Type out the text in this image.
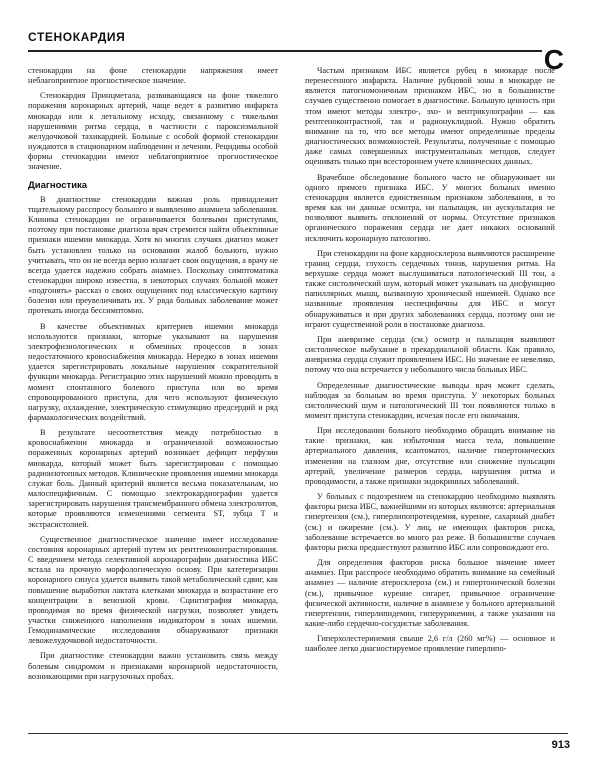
СТЕНОКАРДИЯ
С

стенокардии на фоне стенокардии напряжения имеет неблагоприятное прогностическое значение.

Стенокардия Принцметала, развивающаяся на фоне тяжелого поражения коронарных артерий, чаще ведет к развитию инфаркта миокарда или к летальному исходу, связанному с тяжелыми нарушениями ритма сердца, в частности с пароксизмальной желудочковой тахикардией. Больные с особой формой стенокардии нуждаются в стационарном наблюдении и лечении. Рецидивы особой формы стенокардии имеют неблагоприятное прогностическое значение.

Диагностика

В диагностике стенокардии важная роль принадлежит тщательному расспросу больного и выявлению анамнеза заболевания. Клиника стенокардии не ограничивается болевыми приступами, поэтому при постановке диагноза врач стремится найти объективные признаки ишемии миокарда. Хотя во многих случаях диагноз может быть установлен только на основании жалоб больного, нужно учитывать, что он не всегда верно излагает свои ощущения, а врачу не всегда удается надежно собрать анамнез. Поскольку симптоматика стенокардии широко известна, в некоторых случаях больной может «подгонять» рассказ о своих ощущениях под классическую картину болезни или преувеличивать их. У ряда больных заболевание может протекать иногда бессимптомно.

В качестве объективных критериев ишемии миокарда используются признаки, которые указывают на нарушения электрофизиологических и обменных процессов в зонах недостаточного кровоснабжения миокарда. Нередко в зонах ишемии удается зарегистрировать локальные нарушения сократительной функции миокарда. Регистрацию этих нарушений можно проводить в момент спонтанного болевого приступа или во время спровоцированного приступа, для чего используют физическую нагрузку, охлаждение, электрическую стимуляцию предсердий и ряд фармакологических воздействий.

В результате несоответствия между потребностью в кровоснабжении миокарда и ограниченной возможностью пораженных коронарных артерий возникает дефицит перфузии миокарда, который может быть зарегистрирован с помощью радиоизотопных методов. Клинические проявления ишемии миокарда служат боль. Данный критерий является весьма показательным, но малоспецифичным. С помощью электрокардиографии удается зарегистрировать нарушения трансмембранного обмена электролитов, которые проявляются изменениями сегмента ST, зубца T и экстрасистолией.

Существенное диагностическое значение имеет исследование состояния коронарных артерий путем их рентгеноконтрастирования. С введением метода селективной коронарографии диагностика ИБС встала на прочную морфологическую основу. При катетеризации коронарного синуса удается выявить такой метаболический сдвиг, как повышение выработки лактата клетками миокарда и возрастание его концентрации в венозной крови. Сцинтиграфия миокарда, проводимая во время физической нагрузки, позволяет увидеть участки сниженного наполнения индикатором в зонах ишемии. Гемодинамические исследования обнаруживают признаки левожелудочковой недостаточности.

При диагностике стенокардии важно установить связь между болевым синдромом и признаками коронарной недостаточности, возникающими при нагрузочных пробах.

Частым признаком ИБС является рубец в миокарде после перенесенного инфаркта. Наличие рубцовой зоны в миокарде не является патогномоничным признаком ИБС, но в большинстве случаев существенно помогает в диагностике. Большую ценность при этом имеют методы электро-, эхо- и вентрикулографии — как рентгеноконтрастной, так и радионуклидной. Нужно обратить внимание на то, что все методы имеют определенные пределы диагностических возможностей. Результаты, полученные с помощью даже самых совершенных инструментальных методов, следует оценивать только при всестороннем учете клинических данных.

Врачебное обследование больного часто не обнаруживает ни одного прямого признака ИБС. У многих больных именно стенокардия является единственным признаком заболевания, в то время как ни данные осмотра, ни пальпация, ни аускультация не позволяют выявить отклонений от нормы. Отсутствие признаков органического поражения сердца не дает никаких оснований исключить коронарную патологию.

При стенокардии на фоне кардиосклероза выявляются расширение границ сердца, глухость сердечных тонов, нарушения ритма. На верхушке сердца может выслушиваться патологический III тон, а также систолический шум, который может указывать на дисфункцию папиллярных мышц, вызванную хронической ишемией. Однако все названные проявления неспецифичны для ИБС и могут обнаруживаться и при других заболеваниях сердца, поэтому они не играют существенной роли в постановке диагноза.

При аневризме сердца (см.) осмотр и пальпация выявляют систолическое выбухание в прекардиальной области. Как правило, аневризма сердца служит проявлением ИБС. Но значение ее невелико, потому что она встречается у небольшого числа больных ИБС.

Определенные диагностические выводы врач может сделать, наблюдая за больным во время приступа. У некоторых больных систолический шум и патологический III тон появляются только в момент приступа стенокардии, исчезая после его окончания.

При исследовании больного необходимо обращать внимание на такие признаки, как избыточная масса тела, повышение артериального давления, ксантоматоз, наличие гипертонических изменения на глазном дне, отсутствие или снижение пульсации артерий, увеличение размеров сердца, нарушения ритма и проводимости, а также признаки эндокринных заболеваний.

У больных с подозрением на стенокардию необходимо выявлять факторы риска ИБС, важнейшими из которых являются: артериальная гипертензия (см.), гиперлипопротеидемия, курение, сахарный диабет (см.) и ожирение (см.). У лиц, не имеющих факторов риска, заболевание встречается во много раз реже. В большинстве случаев факторы риска предшествуют развитию ИБС или сопровождают его.

Для определения факторов риска большое значение имеет анамнез. При расспросе необходимо обратить внимание на семейный анамнез — наличие атеросклероза (см.) и гипертонической болезни (см.), привычное курение сигарет, привычное ограничение физической активности, наличие в анамнезе у больного артериальной гипертензии, гиперлипидемии, гиперурикемии, а также указания на какие-либо сердечно-сосудистые заболевания.

Гиперхолестеринемия свыше 2,6 г/л (260 мг%) — основное и наиболее легко диагностируемое проявление гиперлипо-

913
